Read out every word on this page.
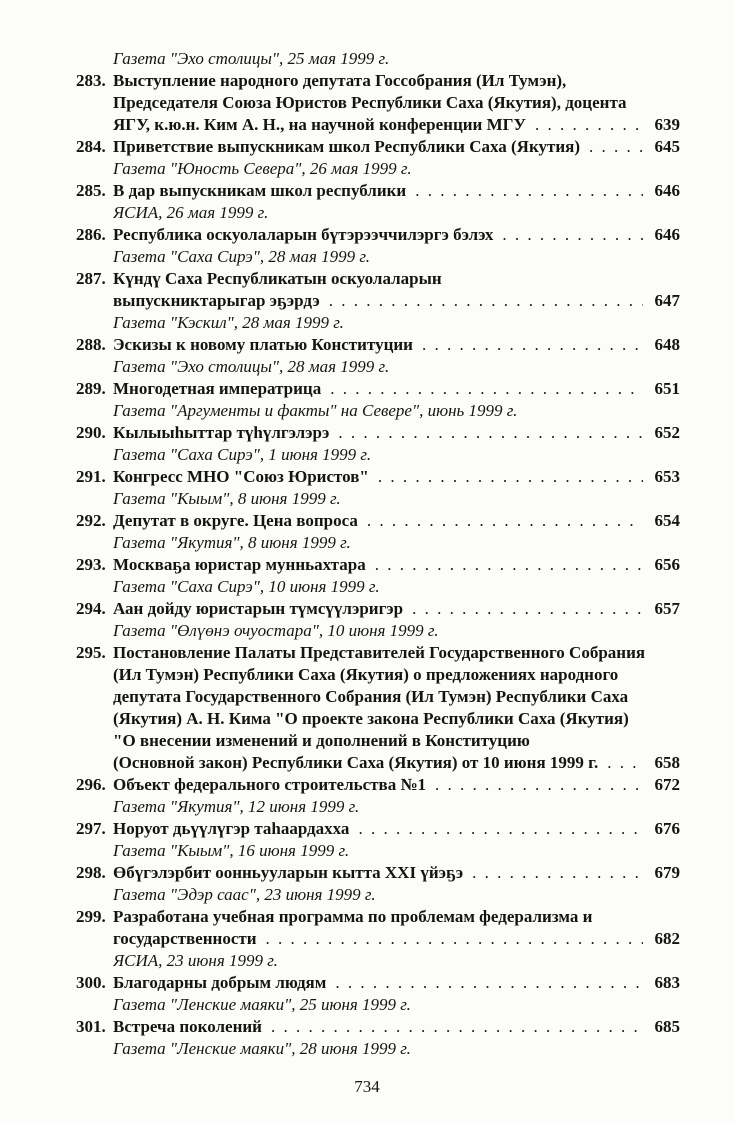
Газета "Эхо столицы", 25 мая 1999 г.
283. Выступление народного депутата Госсобрания (Ил Тумэн),
Председателя Союза Юристов Республики Саха (Якутия), доцента
ЯГУ, к.ю.н. Ким А. Н., на научной конференции МГУ . . .	639
284. Приветствие выпускникам школ Республики Саха (Якутия) . . .	645
Газета "Юность Севера", 26 мая 1999 г.
285. В дар выпускникам школ республики . . .	646
ЯСИА, 26 мая 1999 г.
286. Республика оскуолаларын бүтэрээччилэргэ бэлэх . . .	646
Газета "Саха Сирэ", 28 мая 1999 г.
287. Күндү Саха Республикатын оскуолаларын
выпускниктарыгар эҕэрдэ . . .	647
Газета "Кэскил", 28 мая 1999 г.
288. Эскизы к новому платью Конституции . . .	648
Газета "Эхо столицы", 28 мая 1999 г.
289. Многодетная императрица . . .	651
Газета "Аргументы и факты" на Севере", июнь 1999 г.
290. Кылыыһыттар түһүлгэлэрэ . . .	652
Газета "Саха Сирэ", 1 июня 1999 г.
291. Конгресс МНО "Союз Юристов" . . .	653
Газета "Кыым", 8 июня 1999 г.
292. Депутат в округе. Цена вопроса . . .	654
Газета "Якутия", 8 июня 1999 г.
293. Москваҕа юристар мунньахтара . . .	656
Газета "Саха Сирэ", 10 июня 1999 г.
294. Аан дойду юристарын түмсүүлэригэр . . .	657
Газета "Өлүөнэ очуостара", 10 июня 1999 г.
295. Постановление Палаты Представителей Государственного Собрания
(Ил Тумэн) Республики Саха (Якутия) о предложениях народного
депутата Государственного Собрания (Ил Тумэн) Республики Саха
(Якутия) А. Н. Кима "О проекте закона Республики Саха (Якутия)
"О внесении изменений и дополнений в Конституцию
(Основной закон) Республики Саха (Якутия) от 10 июня 1999 г. . . .	658
296. Объект федерального строительства №1 . . .	672
Газета "Якутия", 12 июня 1999 г.
297. Норуот дьүүлүгэр таһаардахха . . .	676
Газета "Кыым", 16 июня 1999 г.
298. Өбүгэлэрбит оонньууларын кытта XXI үйэҕэ . . .	679
Газета "Эдэр саас", 23 июня 1999 г.
299. Разработана учебная программа по проблемам федерализма и
государственности . . .	682
ЯСИА, 23 июня 1999 г.
300. Благодарны добрым людям . . .	683
Газета "Ленские маяки", 25 июня 1999 г.
301. Встреча поколений . . .	685
Газета "Ленские маяки", 28 июня 1999 г.
734
